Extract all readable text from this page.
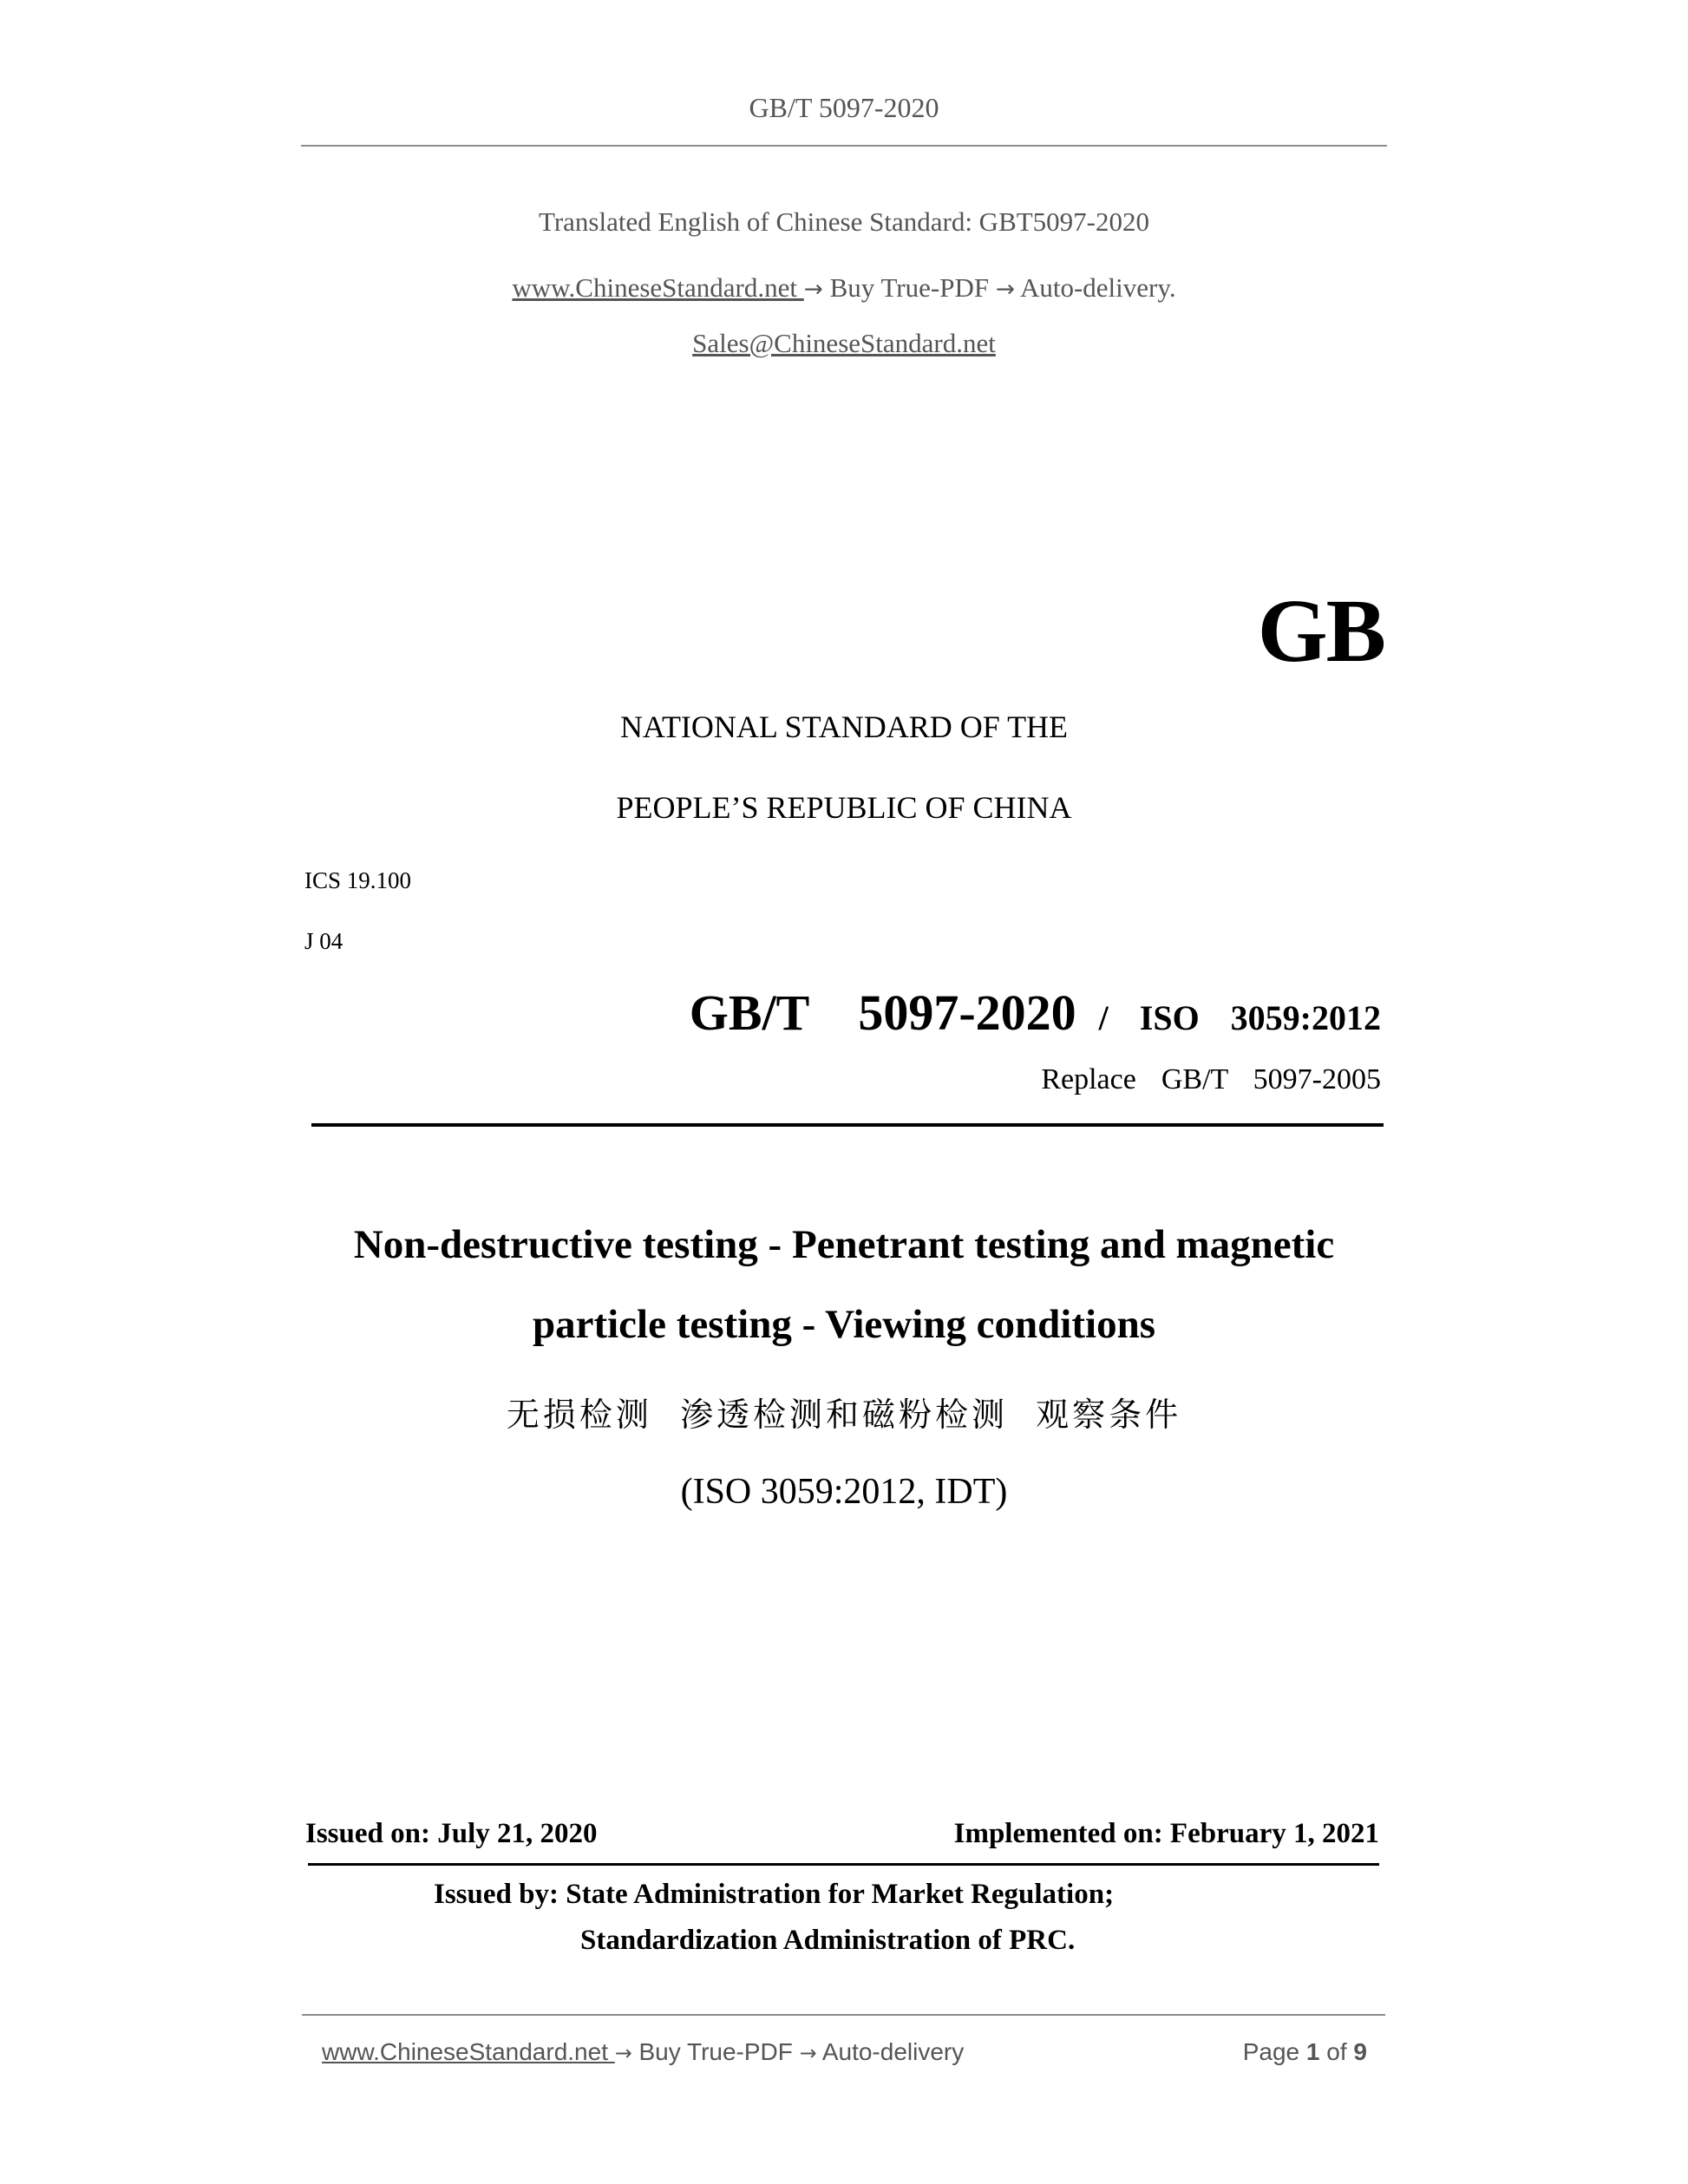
GB/T 5097-2020
Translated English of Chinese Standard: GBT5097-2020
www.ChineseStandard.net → Buy True-PDF → Auto-delivery.
Sales@ChineseStandard.net
GB
NATIONAL STANDARD OF THE
PEOPLE’S REPUBLIC OF CHINA
ICS 19.100
J 04
GB/T  5097-2020 /  ISO  3059:2012
Replace  GB/T  5097-2005
Non-destructive testing - Penetrant testing and magnetic
particle testing - Viewing conditions
无损检测  渗透检测和磁粉检测  观察条件
(ISO 3059:2012, IDT)
Issued on: July 21, 2020	Implemented on: February 1, 2021
Issued by: State Administration for Market Regulation;
Standardization Administration of PRC.
www.ChineseStandard.net → Buy True-PDF → Auto-delivery	Page 1 of 9
